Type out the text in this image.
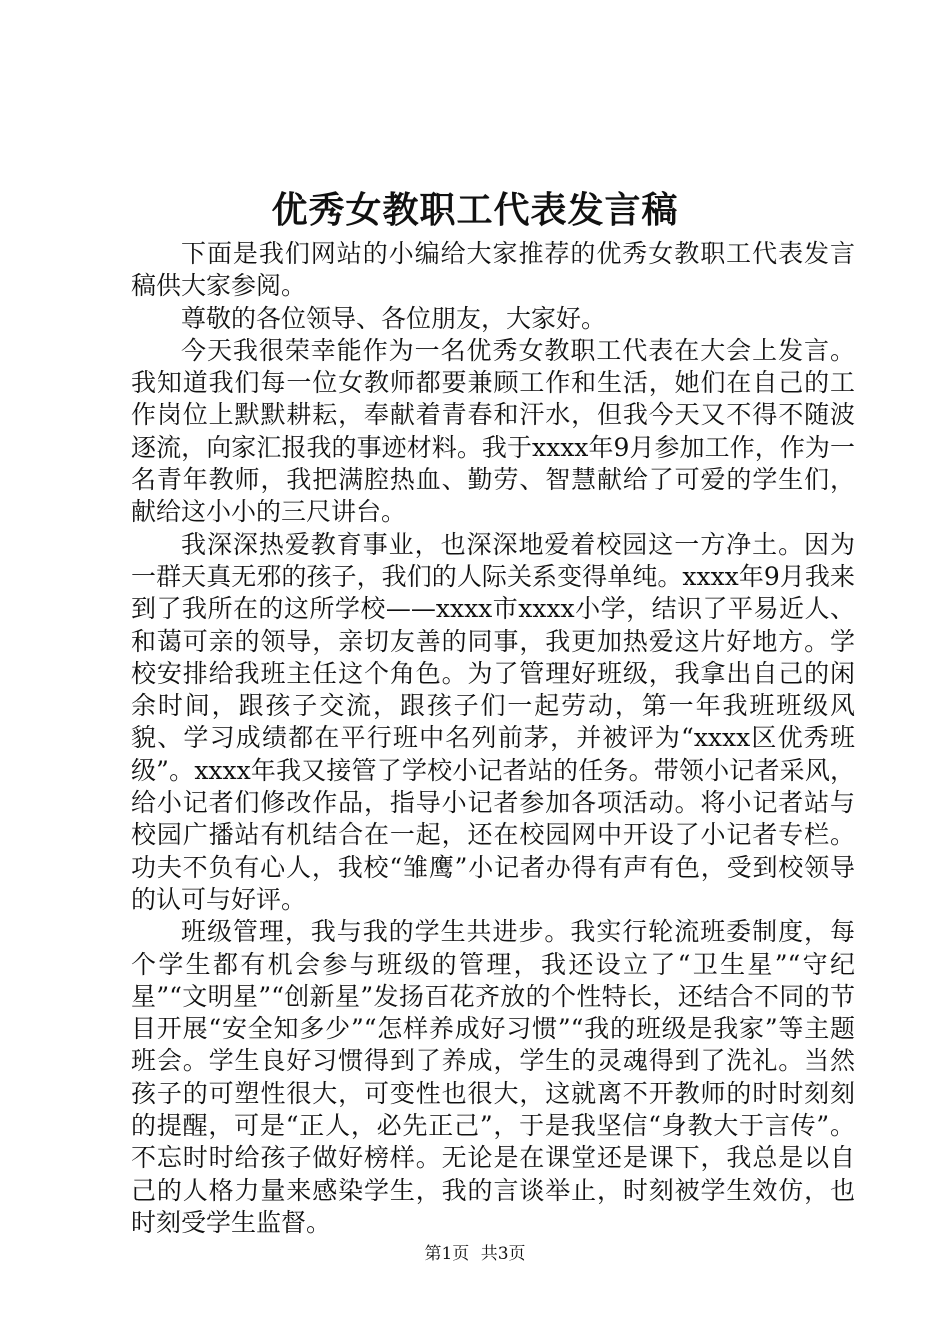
优秀女教职工代表发言稿

下面是我们网站的小编给大家推荐的优秀女教职工代表发言稿供大家参阅。

尊敬的各位领导、各位朋友，大家好。

今天我很荣幸能作为一名优秀女教职工代表在大会上发言。我知道我们每一位女教师都要兼顾工作和生活，她们在自己的工作岗位上默默耕耘，奉献着青春和汗水，但我今天又不得不随波逐流，向家汇报我的事迹材料。我于xxxx年9月参加工作，作为一名青年教师，我把满腔热血、勤劳、智慧献给了可爱的学生们，献给这小小的三尺讲台。

我深深热爱教育事业，也深深地爱着校园这一方净土。因为一群天真无邪的孩子，我们的人际关系变得单纯。xxxx年9月我来到了我所在的这所学校——xxxx市xxxx小学，结识了平易近人、和蔼可亲的领导，亲切友善的同事，我更加热爱这片好地方。学校安排给我班主任这个角色。为了管理好班级，我拿出自己的闲余时间，跟孩子交流，跟孩子们一起劳动，第一年我班班级风貌、学习成绩都在平行班中名列前茅，并被评为“xxxx区优秀班级”。xxxx年我又接管了学校小记者站的任务。带领小记者采风，给小记者们修改作品，指导小记者参加各项活动。将小记者站与校园广播站有机结合在一起，还在校园网中开设了小记者专栏。功夫不负有心人，我校“雏鹰”小记者办得有声有色，受到校领导的认可与好评。

班级管理，我与我的学生共进步。我实行轮流班委制度，每个学生都有机会参与班级的管理，我还设立了“卫生星”“守纪星”“文明星”“创新星”发扬百花齐放的个性特长，还结合不同的节目开展“安全知多少”“怎样养成好习惯”“我的班级是我家”等主题班会。学生良好习惯得到了养成，学生的灵魂得到了洗礼。当然孩子的可塑性很大，可变性也很大，这就离不开教师的时时刻刻的提醒，可是“正人，必先正己”，于是我坚信“身教大于言传”。不忘时时给孩子做好榜样。无论是在课堂还是课下，我总是以自己的人格力量来感染学生，我的言谈举止，时刻被学生效仿，也时刻受学生监督。

第1页 共3页
